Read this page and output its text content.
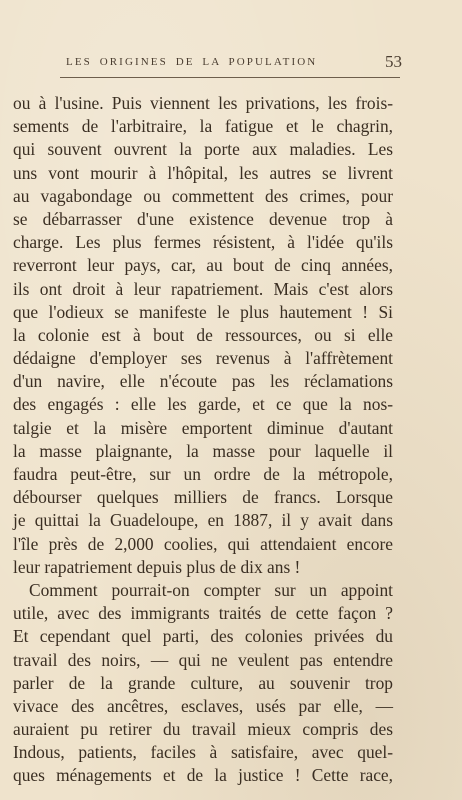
LES ORIGINES DE LA POPULATION	53
ou à l'usine. Puis viennent les privations, les frois-
sements de l'arbitraire, la fatigue et le chagrin,
qui souvent ouvrent la porte aux maladies. Les
uns vont mourir à l'hôpital, les autres se livrent
au vagabondage ou commettent des crimes, pour
se débarrasser d'une existence devenue trop à
charge. Les plus fermes résistent, à l'idée qu'ils
reverront leur pays, car, au bout de cinq années,
ils ont droit à leur rapatriement. Mais c'est alors
que l'odieux se manifeste le plus hautement ! Si
la colonie est à bout de ressources, ou si elle
dédaigne d'employer ses revenus à l'affrètement
d'un navire, elle n'écoute pas les réclamations
des engagés : elle les garde, et ce que la nos-
talgie et la misère emportent diminue d'autant
la masse plaignante, la masse pour laquelle il
faudra peut-être, sur un ordre de la métropole,
débourser quelques milliers de francs. Lorsque
je quittai la Guadeloupe, en 1887, il y avait dans
l'île près de 2,000 coolies, qui attendaient encore
leur rapatriement depuis plus de dix ans !
Comment pourrait-on compter sur un appoint
utile, avec des immigrants traités de cette façon ?
Et cependant quel parti, des colonies privées du
travail des noirs, — qui ne veulent pas entendre
parler de la grande culture, au souvenir trop
vivace des ancêtres, esclaves, usés par elle, —
auraient pu retirer du travail mieux compris des
Indous, patients, faciles à satisfaire, avec quel-
ques ménagements et de la justice ! Cette race,
